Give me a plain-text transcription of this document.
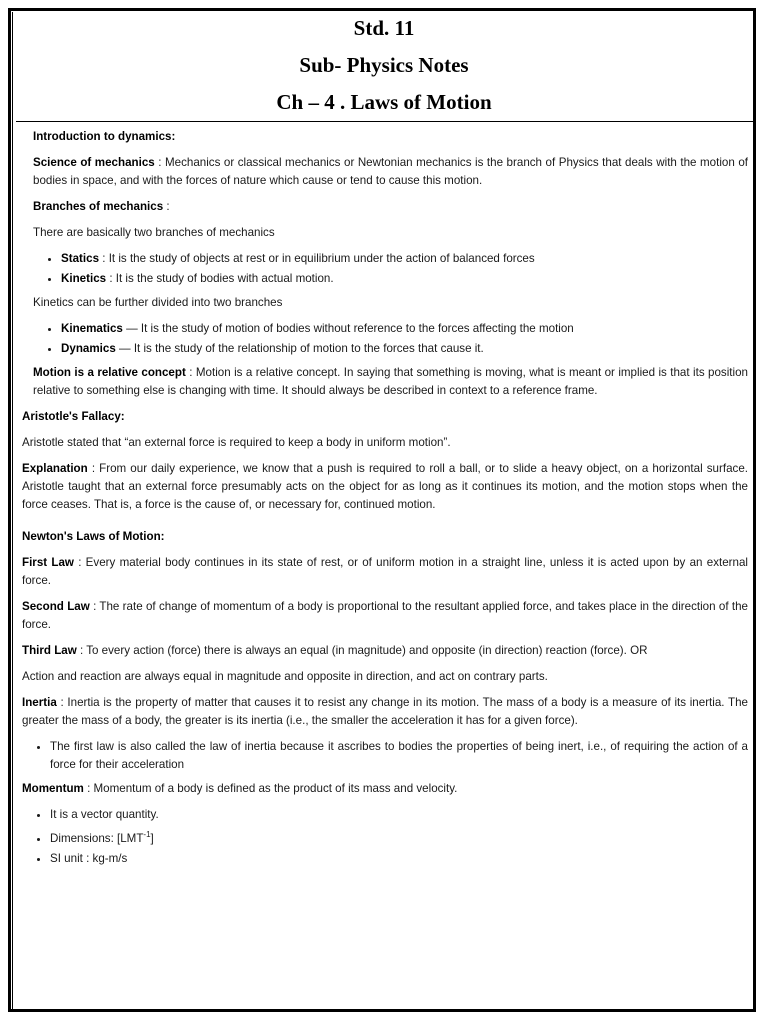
Std. 11
Sub- Physics Notes
Ch – 4 . Laws of Motion
Introduction to dynamics:

Science of mechanics : Mechanics or classical mechanics or Newtonian mechanics is the branch of Physics that deals with the motion of bodies in space, and with the forces of nature which cause or tend to cause this motion.

Branches of mechanics :

There are basically two branches of mechanics

• Statics : It is the study of objects at rest or in equilibrium under the action of balanced forces
• Kinetics : It is the study of bodies with actual motion.

Kinetics can be further divided into two branches

• Kinematics — It is the study of motion of bodies without reference to the forces affecting the motion
• Dynamics — It is the study of the relationship of motion to the forces that cause it.

Motion is a relative concept : Motion is a relative concept. In saying that something is moving, what is meant or implied is that its position relative to something else is changing with time. It should always be described in context to a reference frame.

Aristotle's Fallacy:

Aristotle stated that “an external force is required to keep a body in uniform motion”.

Explanation : From our daily experience, we know that a push is required to roll a ball, or to slide a heavy object, on a horizontal surface. Aristotle taught that an external force presumably acts on the object for as long as it continues its motion, and the motion stops when the force ceases. That is, a force is the cause of, or necessary for, continued motion.

Newton's Laws of Motion:

First Law : Every material body continues in its state of rest, or of uniform motion in a straight line, unless it is acted upon by an external force.

Second Law : The rate of change of momentum of a body is proportional to the resultant applied force, and takes place in the direction of the force.

Third Law : To every action (force) there is always an equal (in magnitude) and opposite (in direction) reaction (force). OR

Action and reaction are always equal in magnitude and opposite in direction, and act on contrary parts.

Inertia : Inertia is the property of matter that causes it to resist any change in its motion. The mass of a body is a measure of its inertia. The greater the mass of a body, the greater is its inertia (i.e., the smaller the acceleration it has for a given force).

• The first law is also called the law of inertia because it ascribes to bodies the properties of being inert, i.e., of requiring the action of a force for their acceleration

Momentum : Momentum of a body is defined as the product of its mass and velocity.

• It is a vector quantity.
• Dimensions: $[LMT^{-1}]$
• SI unit : kg-m/s
